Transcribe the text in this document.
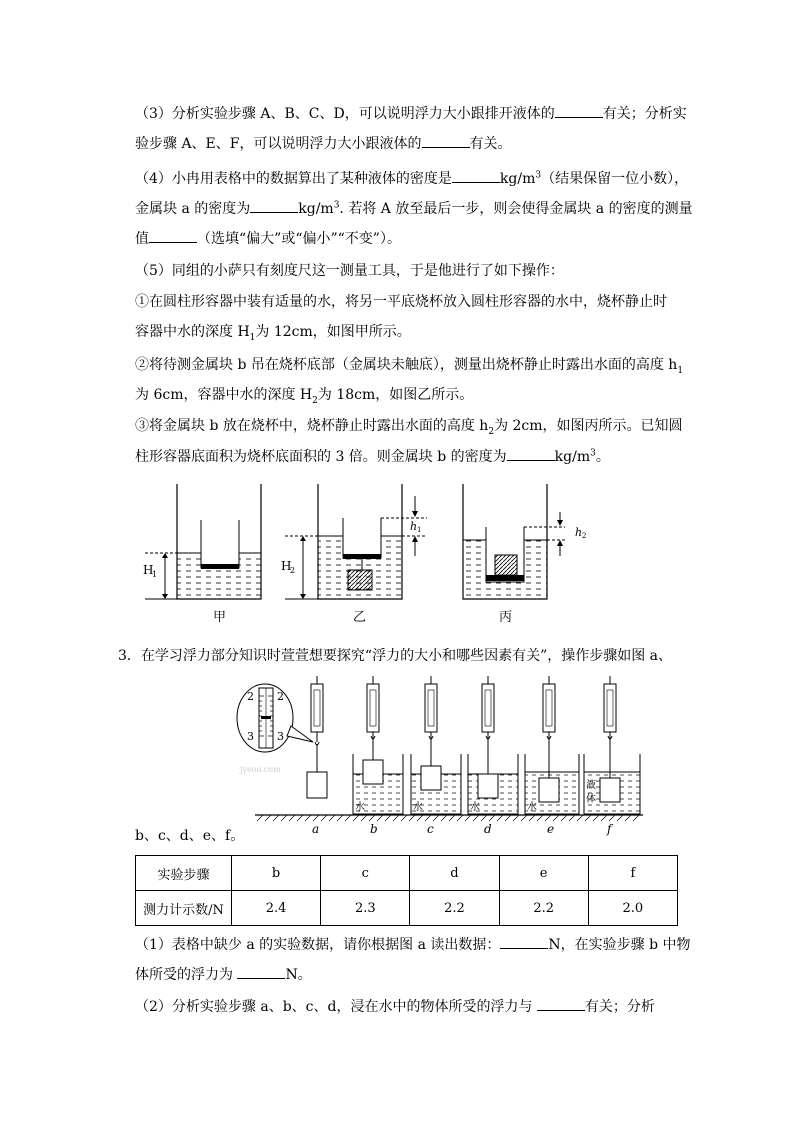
（3）分析实验步骤 A、B、C、D，可以说明浮力大小跟排开液体的	有关；分析实
验步骤 A、E、F，可以说明浮力大小跟液体的	有关。
（4）小冉用表格中的数据算出了某种液体的密度是	$kg/m^3$（结果保留一位小数），
金属块 a 的密度为	$kg/m^3$. 若将 A 放至最后一步，则会使得金属块 a 的密度的测量
值	（选填“偏大”或“偏小”“不变”）。
（5）同组的小萨只有刻度尺这一测量工具，于是他进行了如下操作：
①在圆柱形容器中装有适量的水，将另一平底烧杯放入圆柱形容器的水中，烧杯静止时
容器中水的深度 $H_1$为 12cm，如图甲所示。
②将待测金属块 b 吊在烧杯底部（金属块未触底），测量出烧杯静止时露出水面的高度 $h_1$
为 6cm，容器中水的深度 $H_2$为 18cm，如图乙所示。
③将金属块 b 放在烧杯中，烧杯静止时露出水面的高度 $h_2$为 2cm，如图丙所示。已知圆
柱形容器底面积为烧杯底面积的 3 倍。则金属块 b 的密度为	$kg/m^3$。
H
1
H
2
h 1	h 2
甲	乙	丙
3．在学习浮力部分知识时萱萱想要探究“浮力的大小和哪些因素有关”，操作步骤如图 a、
2 2
3 3
jyeoo.com
水	水	水	水
液
体
a	b	c	d	e	f
b、c、d、e、f。
实验步骤	b	c	d	e	f
测力计示数/N	2.4	2.3	2.2	2.2	2.0
（1）表格中缺少 a 的实验数据，请你根据图 a 读出数据：	N，在实验步骤 b 中物
体所受的浮力为	N。
（2）分析实验步骤 a、b、c、d，浸在水中的物体所受的浮力与	有关；分析
